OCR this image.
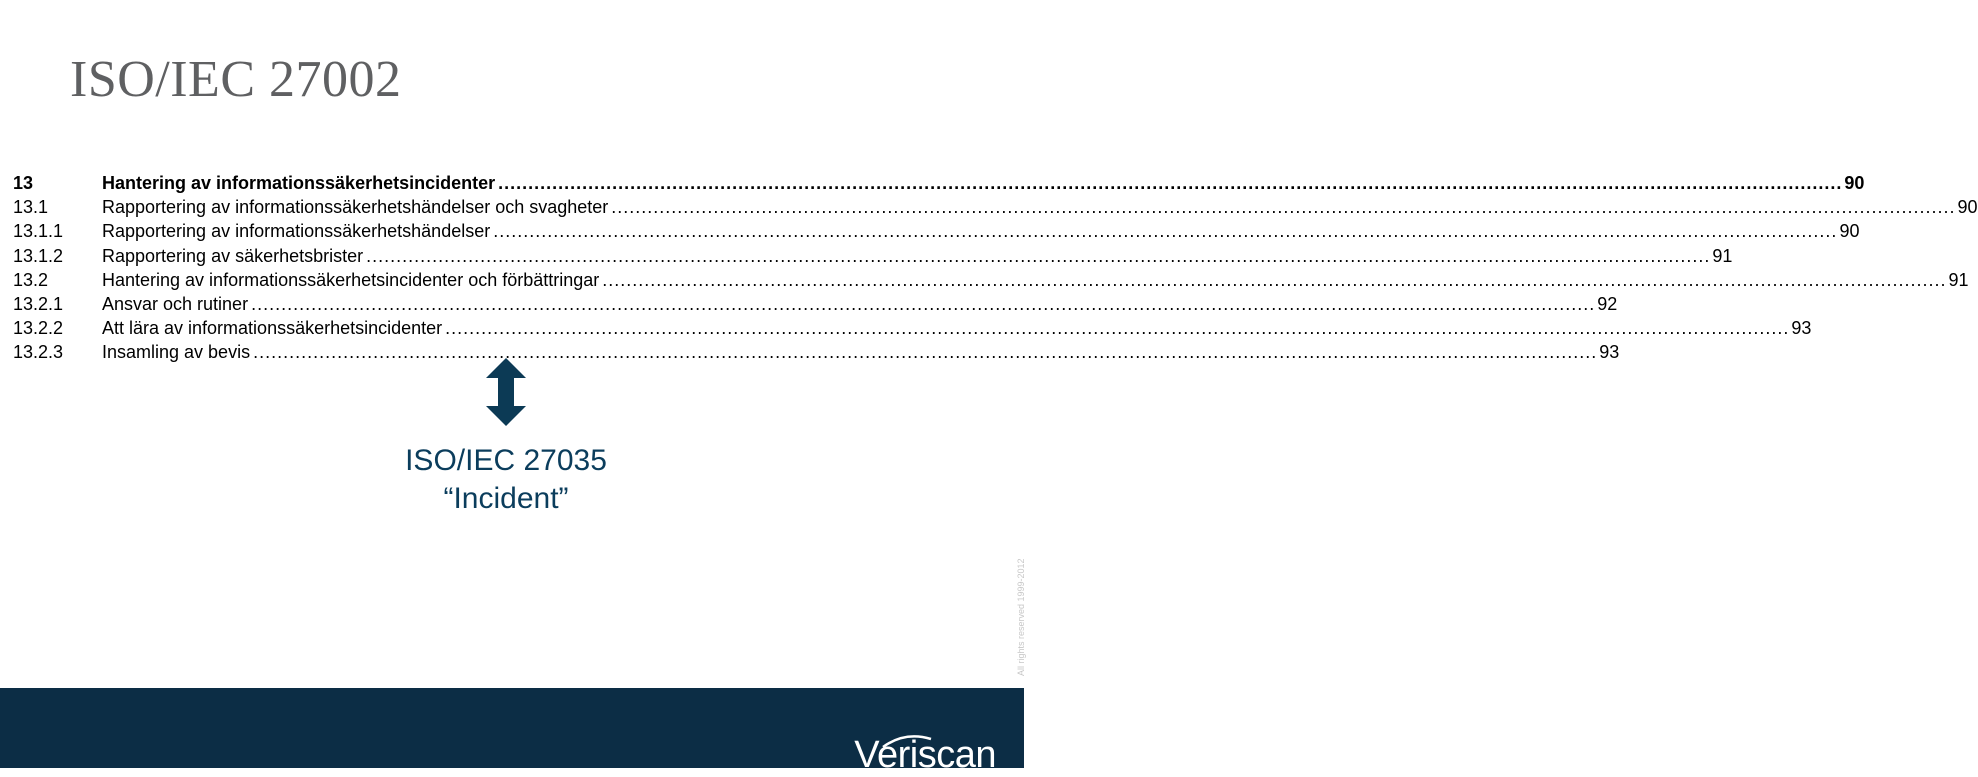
ISO/IEC 27002
13	Hantering av informationssäkerhetsincidenter .....	90
13.1	Rapportering av informationssäkerhetshändelser och svagheter .....	90
13.1.1	Rapportering av informationssäkerhetshändelser .....	90
13.1.2	Rapportering av säkerhetsbrister .....	91
13.2	Hantering av informationssäkerhetsincidenter och förbättringar .....	91
13.2.1	Ansvar och rutiner .....	92
13.2.2	Att lära av informationssäkerhetsincidenter .....	93
13.2.3	Insamling av bevis .....	93
ISO/IEC 27035
“Incident”
All rights reserved 1999-2012
Veriscan
